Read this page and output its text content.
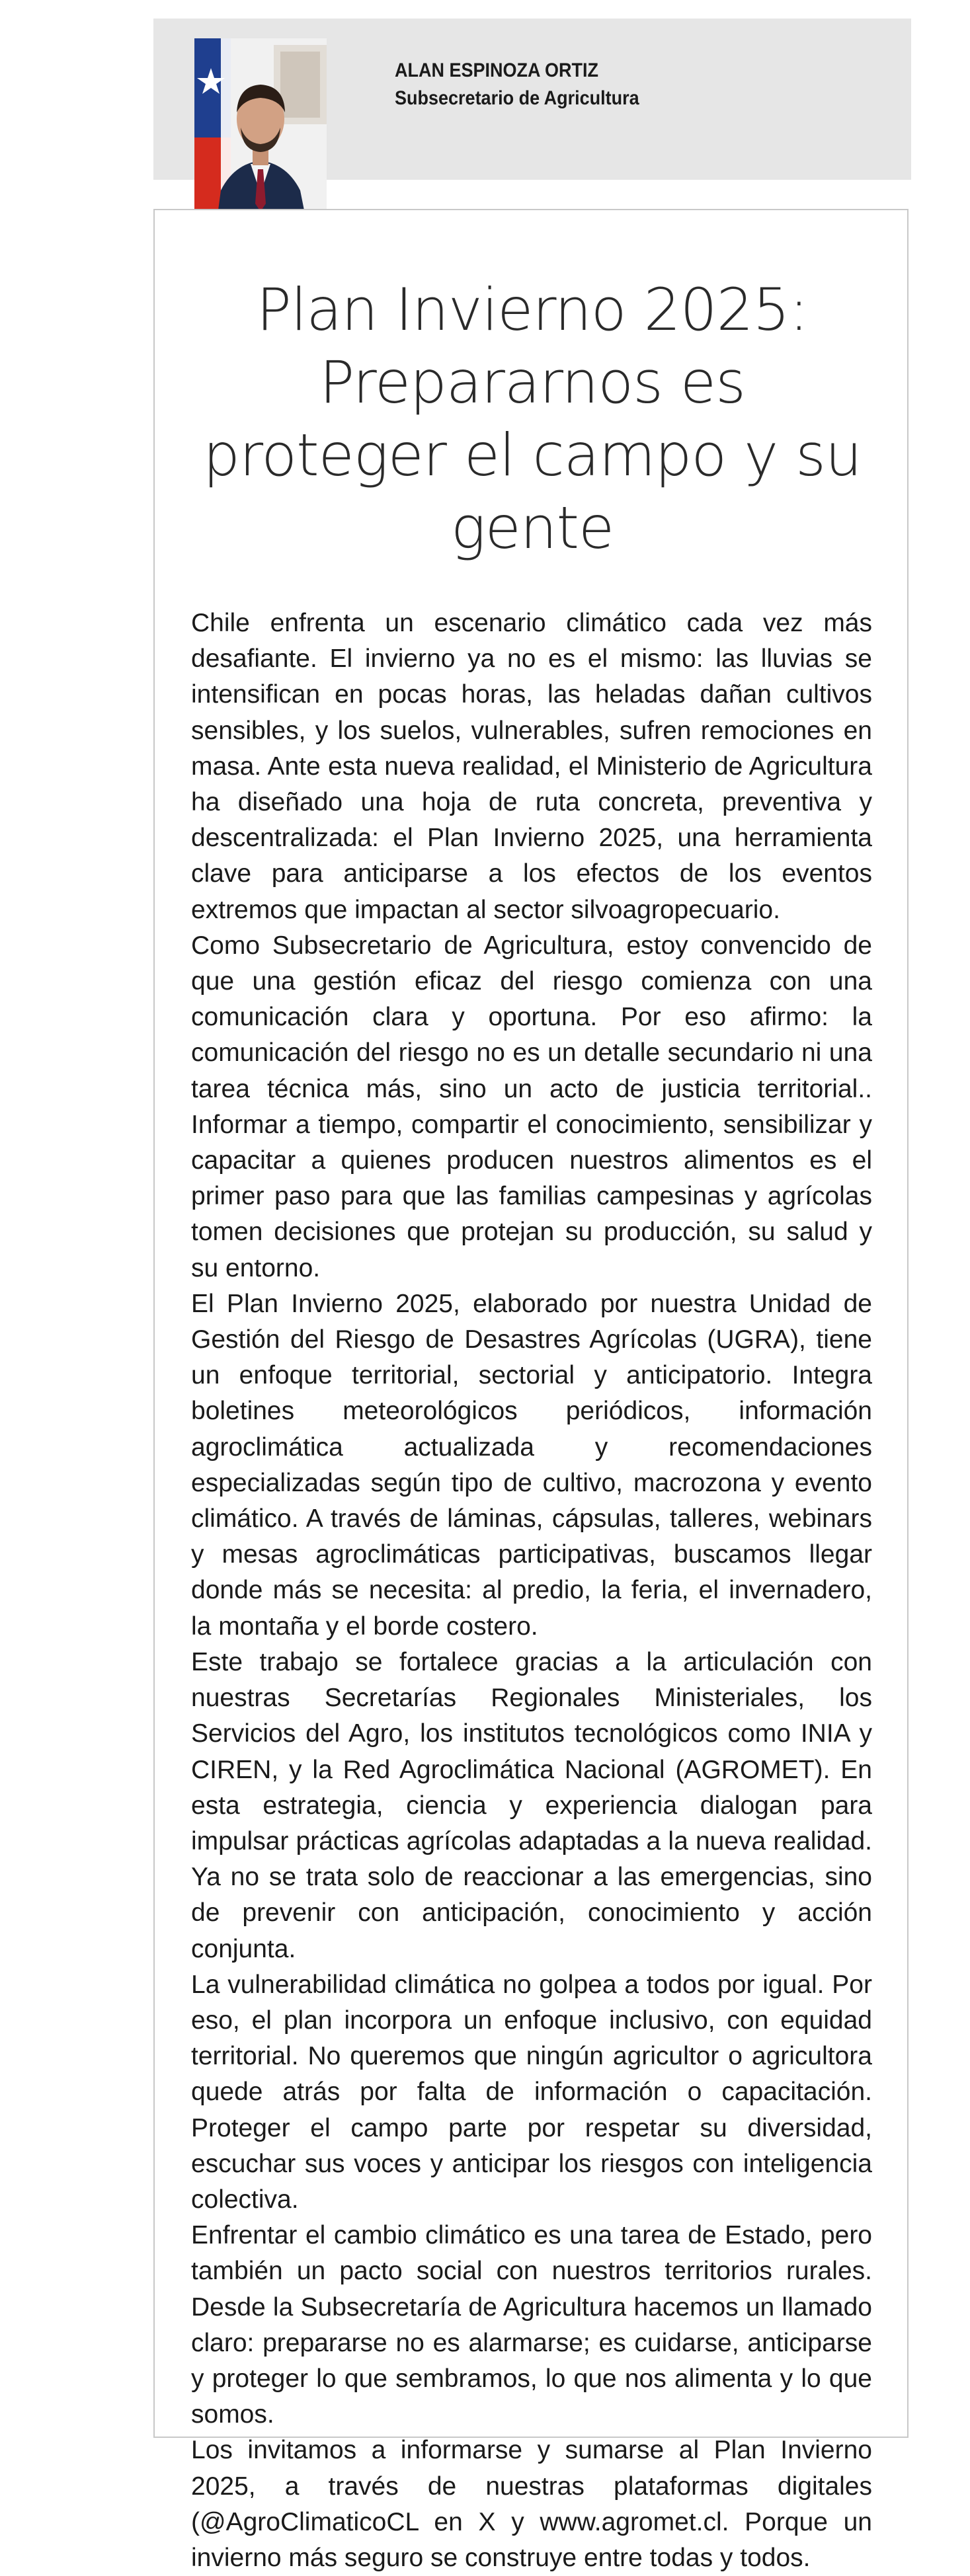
ALAN ESPINOZA ORTIZ
Subsecretario de Agricultura
Plan Invierno 2025: Prepararnos es proteger el campo y su gente

Chile enfrenta un escenario climático cada vez más desafiante. El invierno ya no es el mismo: las lluvias se intensifican en pocas horas, las heladas dañan cultivos sensibles, y los suelos, vulnerables, sufren remociones en masa. Ante esta nueva realidad, el Ministerio de Agricultura ha diseñado una hoja de ruta concreta, preventiva y descentralizada: el Plan Invierno 2025, una herramienta clave para anticiparse a los efectos de los eventos extremos que impactan al sector silvoagropecuario.

Como Subsecretario de Agricultura, estoy convencido de que una gestión eficaz del riesgo comienza con una comunicación clara y oportuna. Por eso afirmo: la comunicación del riesgo no es un detalle secundario ni una tarea técnica más, sino un acto de justicia territorial.. Informar a tiempo, compartir el conocimiento, sensibilizar y capacitar a quienes producen nuestros alimentos es el primer paso para que las familias campesinas y agrícolas tomen decisiones que protejan su producción, su salud y su entorno.

El Plan Invierno 2025, elaborado por nuestra Unidad de Gestión del Riesgo de Desastres Agrícolas (UGRA), tiene un enfoque territorial, sectorial y anticipatorio. Integra boletines meteorológicos periódicos, información agroclimática actualizada y recomendaciones especializadas según tipo de cultivo, macrozona y evento climático. A través de láminas, cápsulas, talleres, webinars y mesas agroclimáticas participativas, buscamos llegar donde más se necesita: al predio, la feria, el invernadero, la montaña y el borde costero.

Este trabajo se fortalece gracias a la articulación con nuestras Secretarías Regionales Ministeriales, los Servicios del Agro, los institutos tecnológicos como INIA y CIREN, y la Red Agroclimática Nacional (AGROMET). En esta estrategia, ciencia y experiencia dialogan para impulsar prácticas agrícolas adaptadas a la nueva realidad. Ya no se trata solo de reaccionar a las emergencias, sino de prevenir con anticipación, conocimiento y acción conjunta.

La vulnerabilidad climática no golpea a todos por igual. Por eso, el plan incorpora un enfoque inclusivo, con equidad territorial. No queremos que ningún agricultor o agricultora quede atrás por falta de información o capacitación. Proteger el campo parte por respetar su diversidad, escuchar sus voces y anticipar los riesgos con inteligencia colectiva.

Enfrentar el cambio climático es una tarea de Estado, pero también un pacto social con nuestros territorios rurales. Desde la Subsecretaría de Agricultura hacemos un llamado claro: prepararse no es alarmarse; es cuidarse, anticiparse y proteger lo que sembramos, lo que nos alimenta y lo que somos.

Los invitamos a informarse y sumarse al Plan Invierno 2025, a través de nuestras plataformas digitales (@AgroClimaticoCL en X y www.agromet.cl. Porque un invierno más seguro se construye entre todas y todos.
